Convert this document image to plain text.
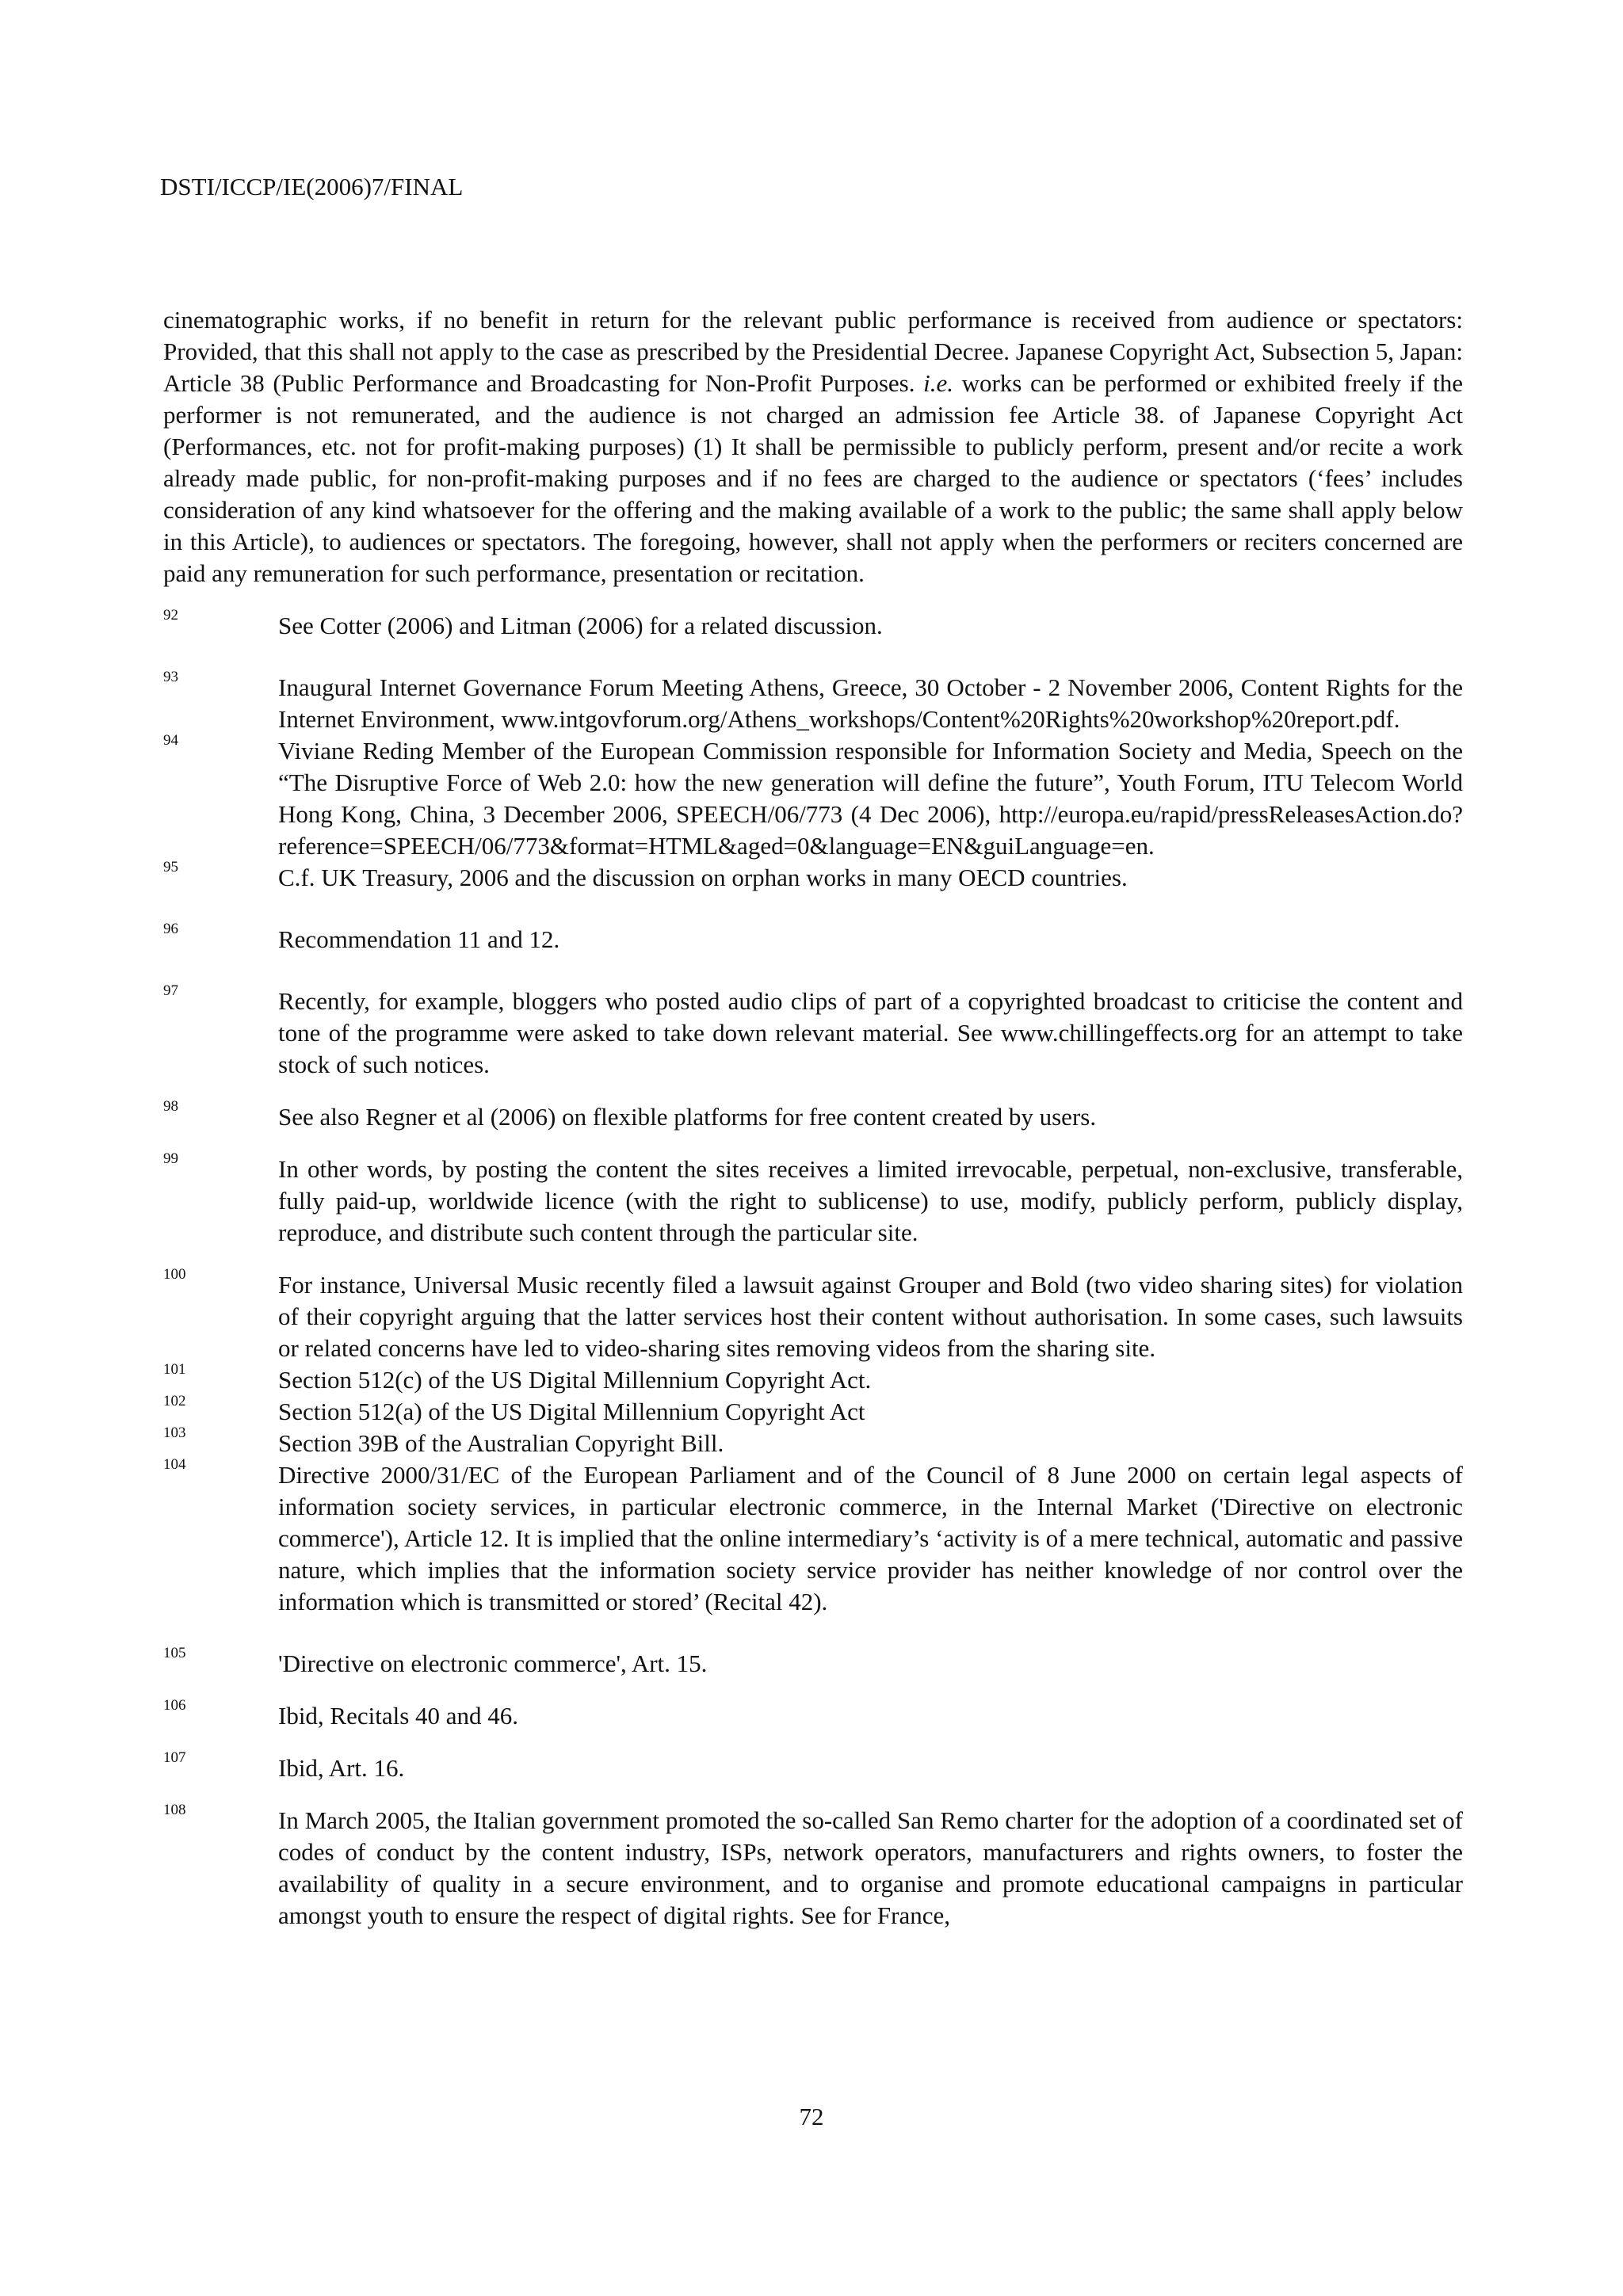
DSTI/ICCP/IE(2006)7/FINAL

cinematographic works, if no benefit in return for the relevant public performance is received from audience or spectators: Provided, that this shall not apply to the case as prescribed by the Presidential Decree. Japanese Copyright Act, Subsection 5, Japan: Article 38 (Public Performance and Broadcasting for Non-Profit Purposes. i.e. works can be performed or exhibited freely if the performer is not remunerated, and the audience is not charged an admission fee Article 38. of Japanese Copyright Act (Performances, etc. not for profit-making purposes) (1) It shall be permissible to publicly perform, present and/or recite a work already made public, for non-profit-making purposes and if no fees are charged to the audience or spectators (‘fees’ includes consideration of any kind whatsoever for the offering and the making available of a work to the public; the same shall apply below in this Article), to audiences or spectators. The foregoing, however, shall not apply when the performers or reciters concerned are paid any remuneration for such performance, presentation or recitation.

92	See Cotter (2006) and Litman (2006) for a related discussion.
93	Inaugural Internet Governance Forum Meeting Athens, Greece, 30 October - 2 November 2006, Content Rights for the Internet Environment, www.intgovforum.org/Athens_workshops/Content%20Rights%20workshop%20report.pdf.
94	Viviane Reding Member of the European Commission responsible for Information Society and Media, Speech on the “The Disruptive Force of Web 2.0: how the new generation will define the future”, Youth Forum, ITU Telecom World Hong Kong, China, 3 December 2006, SPEECH/06/773 (4 Dec 2006), http://europa.eu/rapid/pressReleasesAction.do?reference=SPEECH/06/773&format=HTML&aged=0&language=EN&guiLanguage=en.
95	C.f. UK Treasury, 2006 and the discussion on orphan works in many OECD countries.
96	Recommendation 11 and 12.
97	Recently, for example, bloggers who posted audio clips of part of a copyrighted broadcast to criticise the content and tone of the programme were asked to take down relevant material. See www.chillingeffects.org for an attempt to take stock of such notices.
98	See also Regner et al (2006) on flexible platforms for free content created by users.
99	In other words, by posting the content the sites receives a limited irrevocable, perpetual, non-exclusive, transferable, fully paid-up, worldwide licence (with the right to sublicense) to use, modify, publicly perform, publicly display, reproduce, and distribute such content through the particular site.
100	For instance, Universal Music recently filed a lawsuit against Grouper and Bold (two video sharing sites) for violation of their copyright arguing that the latter services host their content without authorisation. In some cases, such lawsuits or related concerns have led to video-sharing sites removing videos from the sharing site.
101	Section 512(c) of the US Digital Millennium Copyright Act.
102	Section 512(a) of the US Digital Millennium Copyright Act
103	Section 39B of the Australian Copyright Bill.
104	Directive 2000/31/EC of the European Parliament and of the Council of 8 June 2000 on certain legal aspects of information society services, in particular electronic commerce, in the Internal Market ('Directive on electronic commerce'), Article 12. It is implied that the online intermediary’s ‘activity is of a mere technical, automatic and passive nature, which implies that the information society service provider has neither knowledge of nor control over the information which is transmitted or stored’ (Recital 42).
105	'Directive on electronic commerce', Art. 15.
106	Ibid, Recitals 40 and 46.
107	Ibid, Art. 16.
108	In March 2005, the Italian government promoted the so-called San Remo charter for the adoption of a coordinated set of codes of conduct by the content industry, ISPs, network operators, manufacturers and rights owners, to foster the availability of quality in a secure environment, and to organise and promote educational campaigns in particular amongst youth to ensure the respect of digital rights. See for France,
72
